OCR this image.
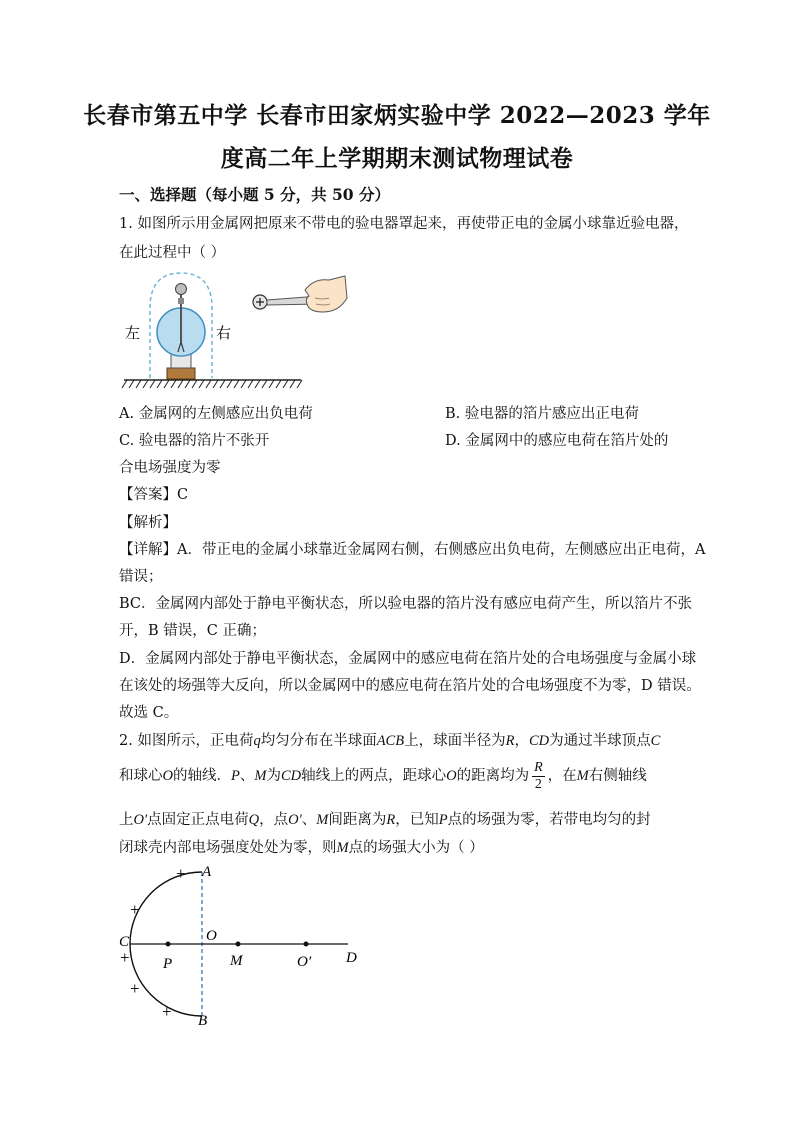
长春市第五中学 长春市田家炳实验中学 2022—2023 学年
度高二年上学期期末测试物理试卷
一、选择题（每小题 5 分，共 50 分）
1. 如图所示用金属网把原来不带电的验电器罩起来，再使带正电的金属小球靠近验电器，
在此过程中（ ）
左	右
A. 金属网的左侧感应出负电荷	B. 验电器的箔片感应出正电荷
C. 验电器的箔片不张开	D. 金属网中的感应电荷在箔片处的
合电场强度为零
【答案】C
【解析】
【详解】A．带正电的金属小球靠近金属网右侧，右侧感应出负电荷，左侧感应出正电荷，A
错误；
BC．金属网内部处于静电平衡状态，所以验电器的箔片没有感应电荷产生，所以箔片不张
开，B 错误，C 正确；
D．金属网内部处于静电平衡状态，金属网中的感应电荷在箔片处的合电场强度与金属小球
在该处的场强等大反向，所以金属网中的感应电荷在箔片处的合电场强度不为零，D 错误。
故选 C。
2. 如图所示，正电荷q均匀分布在半球面ACB上，球面半径为R，CD为通过半球顶点C
和球心O的轴线．P、M为CD轴线上的两点，距球心O的距离均为 $\frac{R}{2}$ ，在M右侧轴线
上O′点固定正点电荷Q，点O′、M间距离为R，已知P点的场强为零，若带电均匀的封
闭球壳内部电场强度处处为零，则M点的场强大小为（ ）
+
+
+
+
+
A
B
C	O
P	M	O′ D
